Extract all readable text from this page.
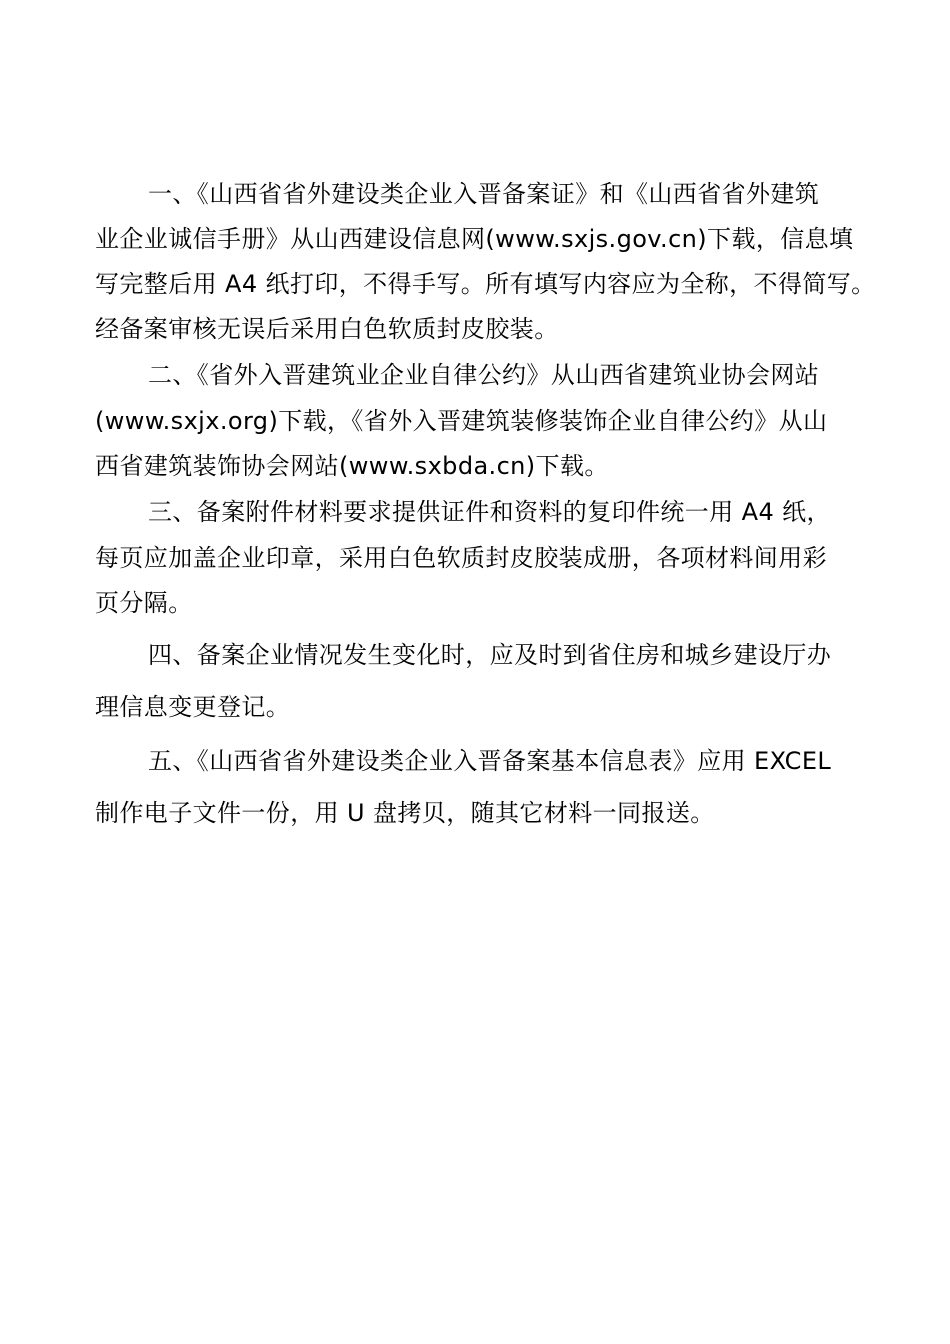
一、《山西省省外建设类企业入晋备案证》和《山西省省外建筑
业企业诚信手册》从山西建设信息网(www.sxjs.gov.cn)下载，信息填
写完整后用 A4 纸打印，不得手写。所有填写内容应为全称，不得简写。
经备案审核无误后采用白色软质封皮胶装。
二、《省外入晋建筑业企业自律公约》从山西省建筑业协会网站
(www.sxjx.org)下载，《省外入晋建筑装修装饰企业自律公约》从山
西省建筑装饰协会网站(www.sxbda.cn)下载。
三、备案附件材料要求提供证件和资料的复印件统一用 A4 纸，
每页应加盖企业印章，采用白色软质封皮胶装成册，各项材料间用彩
页分隔。
四、备案企业情况发生变化时，应及时到省住房和城乡建设厅办
理信息变更登记。
五、《山西省省外建设类企业入晋备案基本信息表》应用 EXCEL
制作电子文件一份，用 U 盘拷贝，随其它材料一同报送。
